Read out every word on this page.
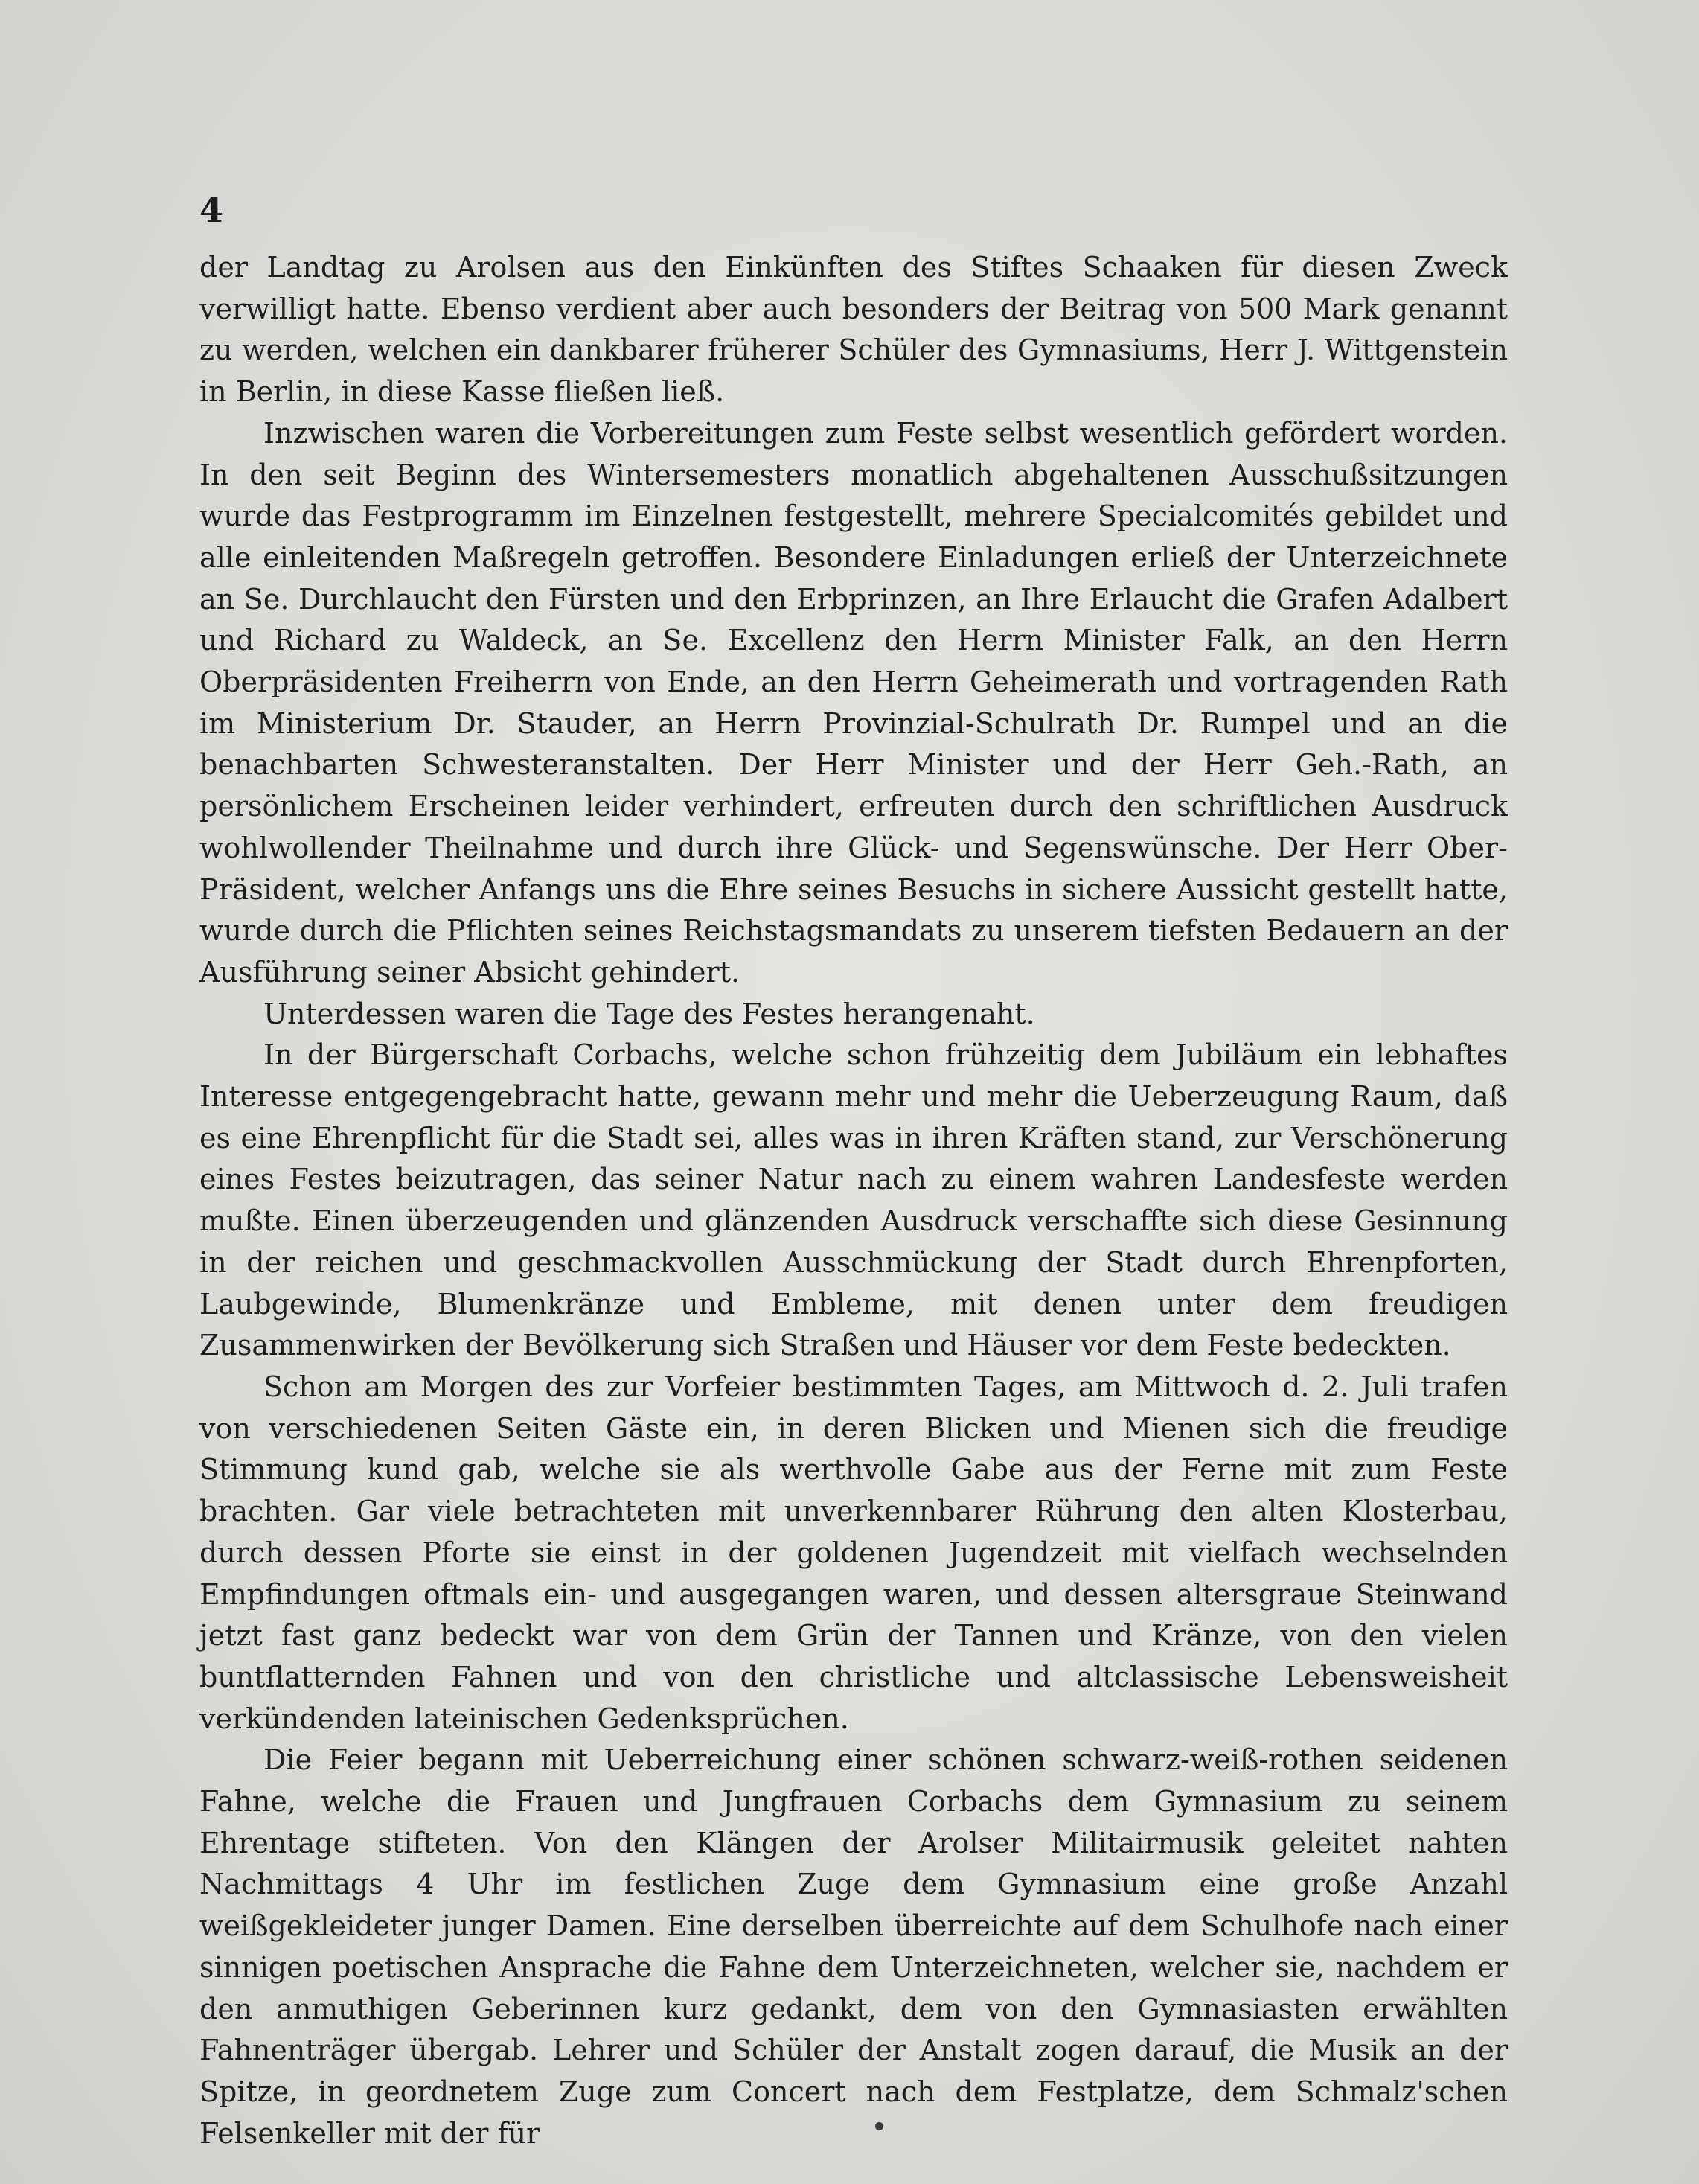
4

der Landtag zu Arolsen aus den Einkünften des Stiftes Schaaken für diesen Zweck verwilligt hatte. Ebenso verdient aber auch besonders der Beitrag von 500 Mark genannt zu werden, welchen ein dankbarer früherer Schüler des Gymnasiums, Herr J. Wittgenstein in Berlin, in diese Kasse fließen ließ.

Inzwischen waren die Vorbereitungen zum Feste selbst wesentlich gefördert worden. In den seit Beginn des Wintersemesters monatlich abgehaltenen Ausschußsitzungen wurde das Festprogramm im Einzelnen festgestellt, mehrere Specialcomités gebildet und alle einleitenden Maßregeln getroffen. Besondere Einladungen erließ der Unterzeichnete an Se. Durchlaucht den Fürsten und den Erbprinzen, an Ihre Erlaucht die Grafen Adalbert und Richard zu Waldeck, an Se. Excellenz den Herrn Minister Falk, an den Herrn Oberpräsidenten Freiherrn von Ende, an den Herrn Geheimerath und vortragenden Rath im Ministerium Dr. Stauder, an Herrn Provinzial-Schulrath Dr. Rumpel und an die benachbarten Schwesteranstalten. Der Herr Minister und der Herr Geh.-Rath, an persönlichem Erscheinen leider verhindert, erfreuten durch den schriftlichen Ausdruck wohlwollender Theilnahme und durch ihre Glück- und Segenswünsche. Der Herr Ober-Präsident, welcher Anfangs uns die Ehre seines Besuchs in sichere Aussicht gestellt hatte, wurde durch die Pflichten seines Reichstagsmandats zu unserem tiefsten Bedauern an der Ausführung seiner Absicht gehindert.

Unterdessen waren die Tage des Festes herangenaht.

In der Bürgerschaft Corbachs, welche schon frühzeitig dem Jubiläum ein lebhaftes Interesse entgegengebracht hatte, gewann mehr und mehr die Ueberzeugung Raum, daß es eine Ehrenpflicht für die Stadt sei, alles was in ihren Kräften stand, zur Verschönerung eines Festes beizutragen, das seiner Natur nach zu einem wahren Landesfeste werden mußte. Einen überzeugenden und glänzenden Ausdruck verschaffte sich diese Gesinnung in der reichen und geschmackvollen Ausschmückung der Stadt durch Ehrenpforten, Laubgewinde, Blumenkränze und Embleme, mit denen unter dem freudigen Zusammenwirken der Bevölkerung sich Straßen und Häuser vor dem Feste bedeckten.

Schon am Morgen des zur Vorfeier bestimmten Tages, am Mittwoch d. 2. Juli trafen von verschiedenen Seiten Gäste ein, in deren Blicken und Mienen sich die freudige Stimmung kund gab, welche sie als werthvolle Gabe aus der Ferne mit zum Feste brachten. Gar viele betrachteten mit unverkennbarer Rührung den alten Klosterbau, durch dessen Pforte sie einst in der goldenen Jugendzeit mit vielfach wechselnden Empfindungen oftmals ein- und ausgegangen waren, und dessen altersgraue Steinwand jetzt fast ganz bedeckt war von dem Grün der Tannen und Kränze, von den vielen buntflatternden Fahnen und von den christliche und altclassische Lebensweisheit verkündenden lateinischen Gedenksprüchen.

Die Feier begann mit Ueberreichung einer schönen schwarz-weiß-rothen seidenen Fahne, welche die Frauen und Jungfrauen Corbachs dem Gymnasium zu seinem Ehrentage stifteten. Von den Klängen der Arolser Militairmusik geleitet nahten Nachmittags 4 Uhr im festlichen Zuge dem Gymnasium eine große Anzahl weißgekleideter junger Damen. Eine derselben überreichte auf dem Schulhofe nach einer sinnigen poetischen Ansprache die Fahne dem Unterzeichneten, welcher sie, nachdem er den anmuthigen Geberinnen kurz gedankt, dem von den Gymnasiasten erwählten Fahnenträger übergab. Lehrer und Schüler der Anstalt zogen darauf, die Musik an der Spitze, in geordnetem Zuge zum Concert nach dem Festplatze, dem Schmalz'schen Felsenkeller mit der für
